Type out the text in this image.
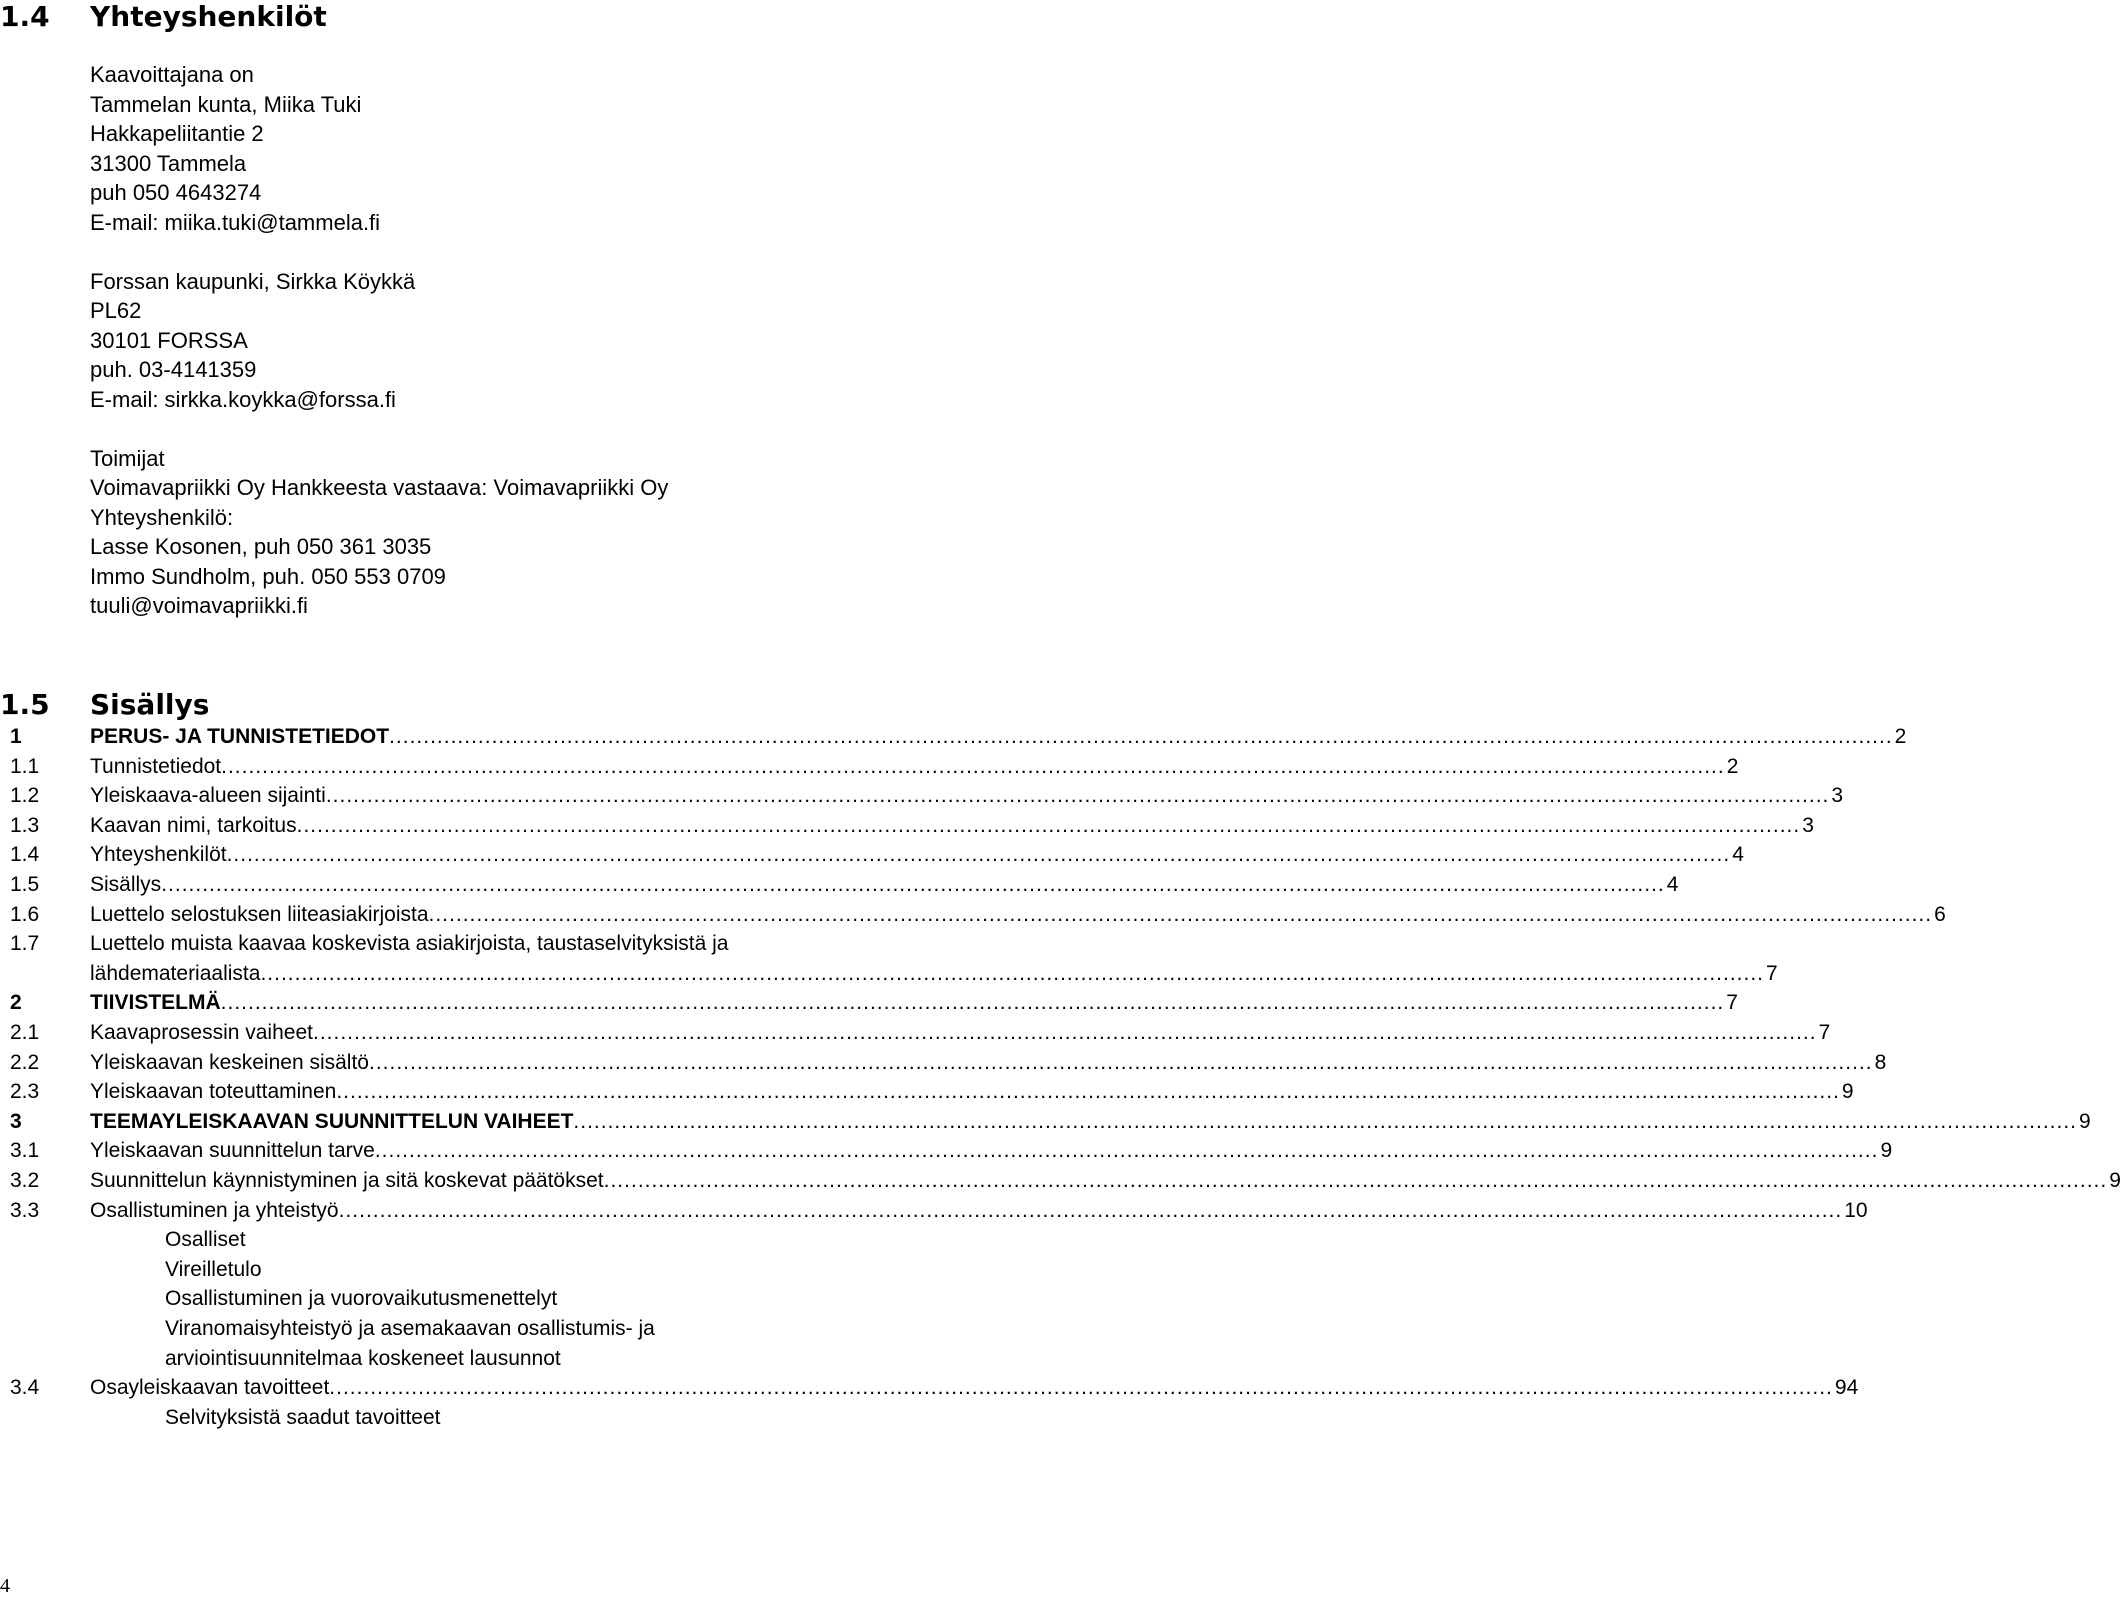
1.4 Yhteyshenkilöt
Kaavoittajana on
Tammelan kunta, Miika Tuki
Hakkapeliitantie 2
31300 Tammela
puh 050 4643274
E-mail: miika.tuki@tammela.fi
Forssan kaupunki, Sirkka Köykkä
PL62
30101 FORSSA
puh. 03-4141359
E-mail: sirkka.koykka@forssa.fi
Toimijat
Voimavapriikki Oy Hankkeesta vastaava: Voimavapriikki Oy
Yhteyshenkilö:
Lasse Kosonen, puh 050 361 3035
Immo Sundholm, puh. 050 553 0709
tuuli@voimavapriikki.fi
1.5 Sisällys
1	PERUS- JA TUNNISTETIEDOT ............................................................................................................................................................................................................................ 2
1.1 Tunnistetiedot ............................................................................................................................................................................................................................ 2
1.2 Yleiskaava-alueen sijainti ............................................................................................................................................................................................................................ 3
1.3 Kaavan nimi, tarkoitus ............................................................................................................................................................................................................................ 3
1.4 Yhteyshenkilöt ............................................................................................................................................................................................................................ 4
1.5 Sisällys ............................................................................................................................................................................................................................ 4
1.6 Luettelo selostuksen liiteasiakirjoista ............................................................................................................................................................................................................................ 6
1.7 Luettelo muista kaavaa koskevista asiakirjoista, taustaselvityksistä ja
lähdemateriaalista ............................................................................................................................................................................................................................ 7
2	TIIVISTELMÄ ............................................................................................................................................................................................................................ 7
2.1 Kaavaprosessin vaiheet ............................................................................................................................................................................................................................ 7
2.2 Yleiskaavan keskeinen sisältö ............................................................................................................................................................................................................................ 8
2.3 Yleiskaavan toteuttaminen ............................................................................................................................................................................................................................ 9
3	TEEMAYLEISKAAVAN SUUNNITTELUN VAIHEET ............................................................................................................................................................................................................................ 9
3.1 Yleiskaavan suunnittelun tarve ............................................................................................................................................................................................................................ 9
3.2 Suunnittelun käynnistyminen ja sitä koskevat päätökset ............................................................................................................................................................................................................................ 9
3.3 Osallistuminen ja yhteistyö ............................................................................................................................................................................................................................ 10
Osalliset
Vireilletulo
Osallistuminen ja vuorovaikutusmenettelyt
Viranomaisyhteistyö ja asemakaavan osallistumis- ja
arviointisuunnitelmaa koskeneet lausunnot
3.4 Osayleiskaavan tavoitteet ............................................................................................................................................................................................................................ 94
Selvityksistä saadut tavoitteet
4
